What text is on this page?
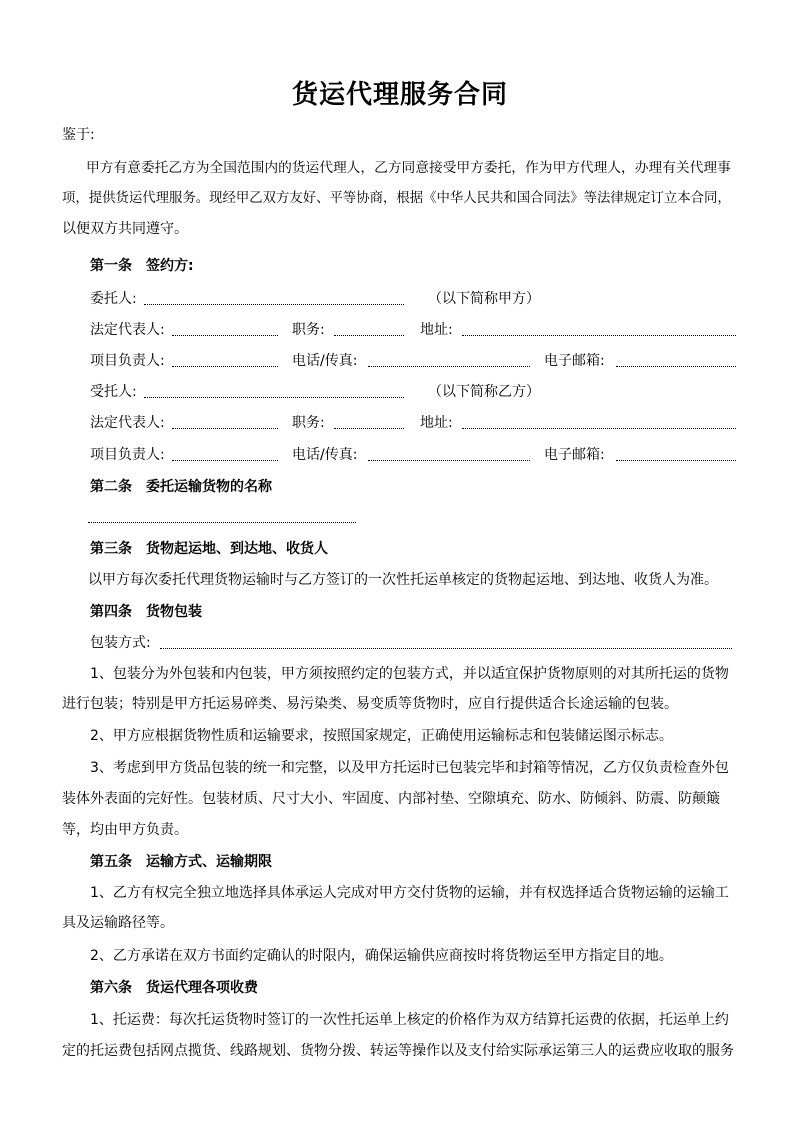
货运代理服务合同
鉴于:
甲方有意委托乙方为全国范围内的货运代理人，乙方同意接受甲方委托，作为甲方代理人，办理有关代理事
项，提供货运代理服务。现经甲乙双方友好、平等协商，根据《中华人民共和国合同法》等法律规定订立本合同，
以便双方共同遵守。
第一条　签约方:
委托人:	（以下简称甲方）
法定代表人:	职务:	地址:
项目负责人:	电话/传真:	电子邮箱:
受托人:	（以下简称乙方）
法定代表人:	职务:	地址:
项目负责人:	电话/传真:	电子邮箱:
第二条　委托运输货物的名称
第三条　货物起运地、到达地、收货人
以甲方每次委托代理货物运输时与乙方签订的一次性托运单核定的货物起运地、到达地、收货人为准。
第四条　货物包装
包装方式:
1、包装分为外包装和内包装，甲方须按照约定的包装方式，并以适宜保护货物原则的对其所托运的货物
进行包装；特别是甲方托运易碎类、易污染类、易变质等货物时，应自行提供适合长途运输的包装。
2、甲方应根据货物性质和运输要求，按照国家规定，正确使用运输标志和包装储运图示标志。
3、考虑到甲方货品包装的统一和完整，以及甲方托运时已包装完毕和封箱等情况，乙方仅负责检查外包
装体外表面的完好性。包装材质、尺寸大小、牢固度、内部衬垫、空隙填充、防水、防倾斜、防震、防颠簸
等，均由甲方负责。
第五条　运输方式、运输期限
1、乙方有权完全独立地选择具体承运人完成对甲方交付货物的运输，并有权选择适合货物运输的运输工
具及运输路径等。
2、乙方承诺在双方书面约定确认的时限内，确保运输供应商按时将货物运至甲方指定目的地。
第六条　货运代理各项收费
1、托运费：每次托运货物时签订的一次性托运单上核定的价格作为双方结算托运费的依据，托运单上约
定的托运费包括网点揽货、线路规划、货物分拨、转运等操作以及支付给实际承运第三人的运费应收取的服务
